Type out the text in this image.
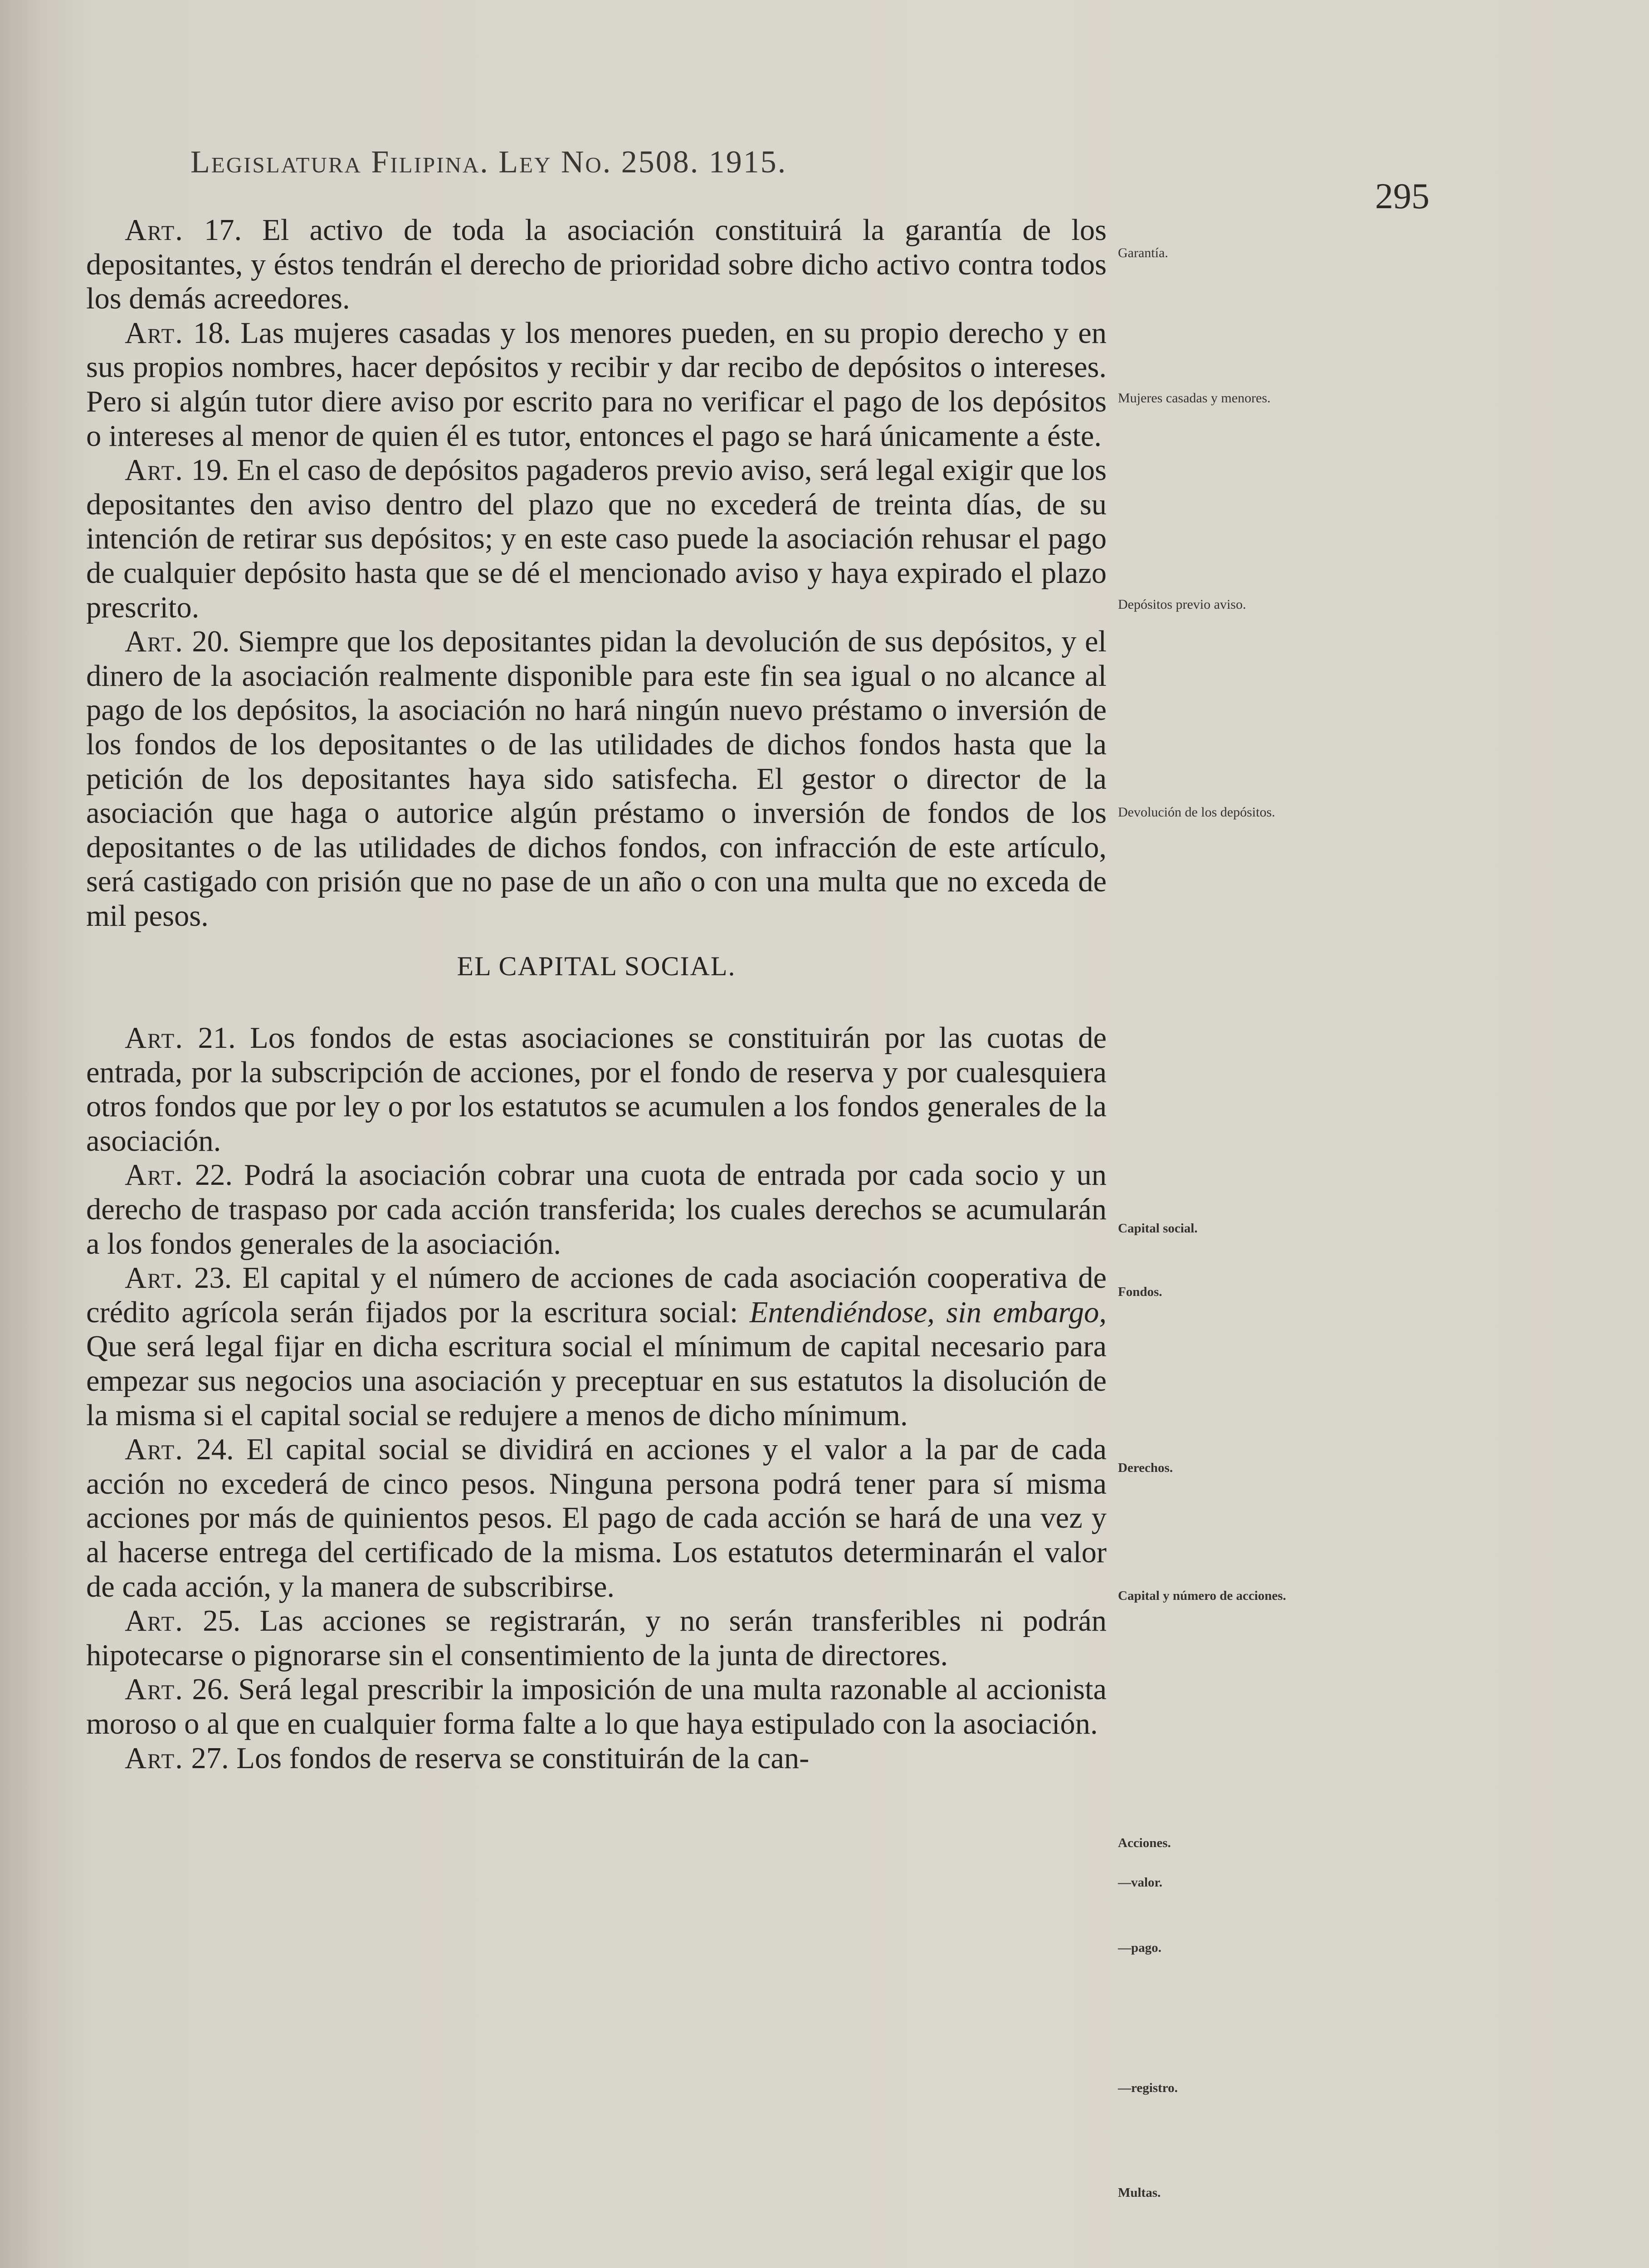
Legislatura Filipina. Ley No. 2508. 1915.
295

Art. 17. El activo de toda la asociación constituirá la garantía de los depositantes, y éstos tendrán el derecho de prioridad sobre dicho activo contra todos los demás acreedores.

Art. 18. Las mujeres casadas y los menores pueden, en su propio derecho y en sus propios nombres, hacer depósitos y recibir y dar recibo de depósitos o intereses. Pero si algún tutor diere aviso por escrito para no verificar el pago de los depósitos o intereses al menor de quien él es tutor, entonces el pago se hará únicamente a éste.

Art. 19. En el caso de depósitos pagaderos previo aviso, será legal exigir que los depositantes den aviso dentro del plazo que no excederá de treinta días, de su intención de retirar sus depósitos; y en este caso puede la asociación rehusar el pago de cualquier depósito hasta que se dé el mencionado aviso y haya expirado el plazo prescrito.

Art. 20. Siempre que los depositantes pidan la devolución de sus depósitos, y el dinero de la asociación realmente disponible para este fin sea igual o no alcance al pago de los depósitos, la asociación no hará ningún nuevo préstamo o inversión de los fondos de los depositantes o de las utilidades de dichos fondos hasta que la petición de los depositantes haya sido satisfecha. El gestor o director de la asociación que haga o autorice algún préstamo o inversión de fondos de los depositantes o de las utilidades de dichos fondos, con infracción de este artículo, será castigado con prisión que no pase de un año o con una multa que no exceda de mil pesos.

EL CAPITAL SOCIAL.

Art. 21. Los fondos de estas asociaciones se constituirán por las cuotas de entrada, por la subscripción de acciones, por el fondo de reserva y por cualesquiera otros fondos que por ley o por los estatutos se acumulen a los fondos generales de la asociación.

Art. 22. Podrá la asociación cobrar una cuota de entrada por cada socio y un derecho de traspaso por cada acción transferida; los cuales derechos se acumularán a los fondos generales de la asociación.

Art. 23. El capital y el número de acciones de cada asociación cooperativa de crédito agrícola serán fijados por la escritura social: Entendiéndose, sin embargo, Que será legal fijar en dicha escritura social el mínimum de capital necesario para empezar sus negocios una asociación y preceptuar en sus estatutos la disolución de la misma si el capital social se redujere a menos de dicho mínimum.

Art. 24. El capital social se dividirá en acciones y el valor a la par de cada acción no excederá de cinco pesos. Ninguna persona podrá tener para sí misma acciones por más de quinientos pesos. El pago de cada acción se hará de una vez y al hacerse entrega del certificado de la misma. Los estatutos determinarán el valor de cada acción, y la manera de subscribirse.

Art. 25. Las acciones se registrarán, y no serán transferibles ni podrán hipotecarse o pignorarse sin el consentimiento de la junta de directores.

Art. 26. Será legal prescribir la imposición de una multa razonable al accionista moroso o al que en cualquier forma falte a lo que haya estipulado con la asociación.

Art. 27. Los fondos de reserva se constituirán de la can-

Garantía.
Mujeres casadas y menores.
Depósitos previo aviso.
Devolución de los depósitos.
Capital social.
Fondos.
Derechos.
Capital y número de acciones.
Acciones.
—valor.
—pago.
—registro.
Multas.
